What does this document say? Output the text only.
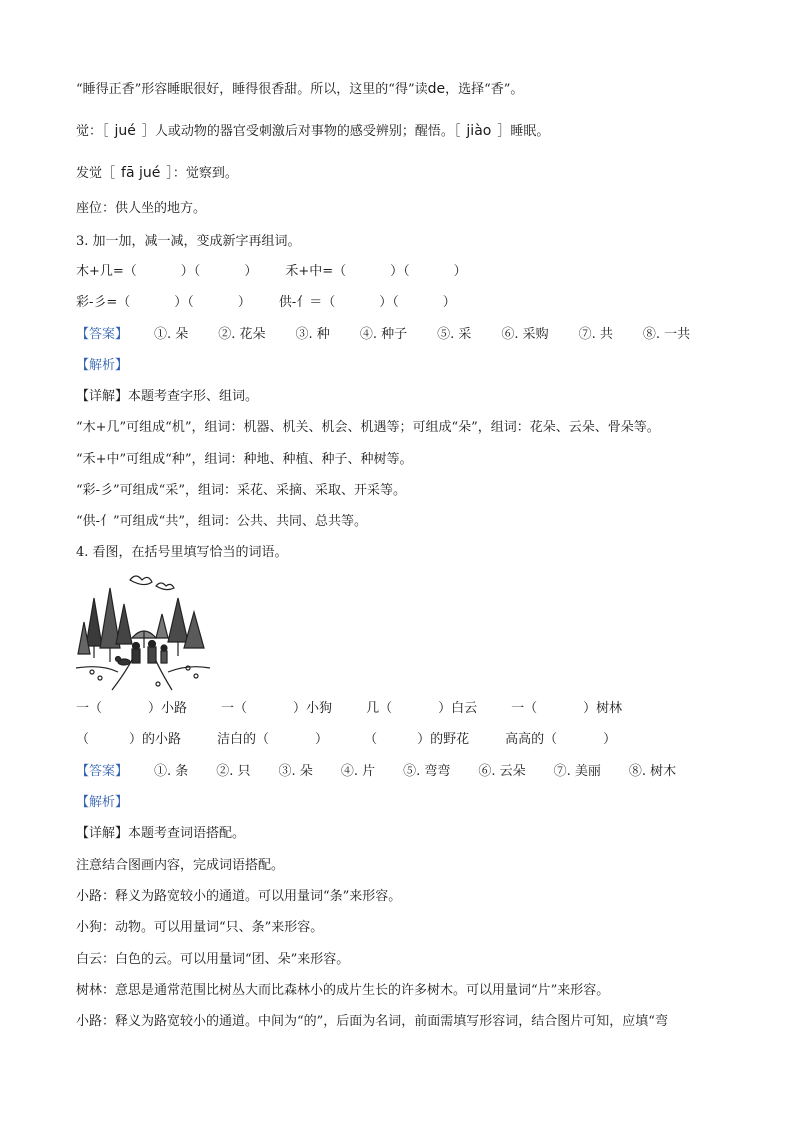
“睡得正香”形容睡眠很好，睡得很香甜。所以，这里的“得”读de，选择“香”。
觉：［ jué ］人或动物的器官受刺激后对事物的感受辨别；醒悟。［ jiào ］睡眠。
发觉［ fā jué ］：觉察到。
座位：供人坐的地方。
3. 加一加，减一减，变成新字再组词。
木+几=（	）（	） 禾+中=（	）（	）
彩-彡=（	）（	） 供-亻＝（	）（	）
【答案】 ①. 朵 ②. 花朵 ③. 种 ④. 种子 ⑤. 采 ⑥. 采购 ⑦. 共 ⑧. 一共
【解析】
【详解】本题考查字形、组词。
“木+几”可组成“机”，组词：机器、机关、机会、机遇等；可组成“朵”，组词：花朵、云朵、骨朵等。
“禾+中”可组成“种”，组词：种地、种植、种子、种树等。
“彩-彡”可组成“采”，组词：采花、采摘、采取、开采等。
“供-亻”可组成“共”，组词：公共、共同、总共等。
4. 看图，在括号里填写恰当的词语。
一（	）小路	一（	）小狗	几（	）白云	一（	）树林
（	）的小路	洁白的（	）	（	）的野花	高高的（	）
【答案】 ①. 条 ②. 只 ③. 朵 ④. 片 ⑤. 弯弯 ⑥. 云朵 ⑦. 美丽 ⑧. 树木
【解析】
【详解】本题考查词语搭配。
注意结合图画内容，完成词语搭配。
小路：释义为路宽较小的通道。可以用量词“条”来形容。
小狗：动物。可以用量词“只、条”来形容。
白云：白色的云。可以用量词“团、朵”来形容。
树林：意思是通常范围比树丛大而比森林小的成片生长的许多树木。可以用量词“片”来形容。
小路：释义为路宽较小的通道。中间为“的”，后面为名词，前面需填写形容词，结合图片可知，应填“弯
